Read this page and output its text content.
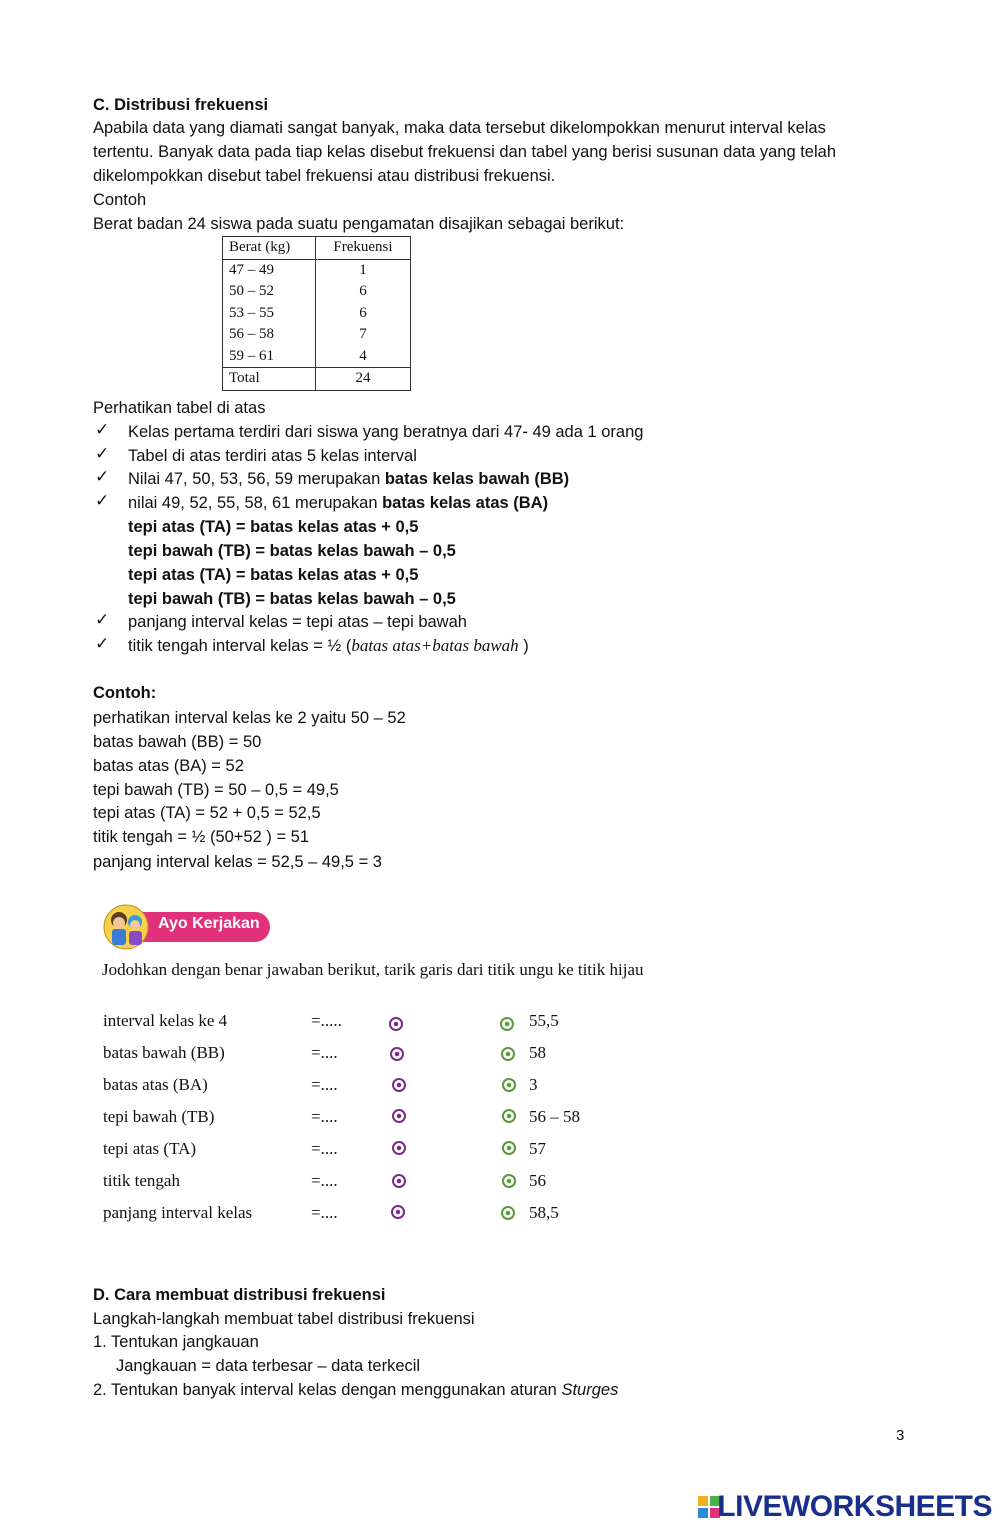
C. Distribusi frekuensi
Apabila data yang diamati sangat banyak, maka data tersebut dikelompokkan menurut interval kelas
tertentu. Banyak data pada tiap kelas disebut frekuensi dan tabel yang berisi susunan data yang telah
dikelompokkan disebut tabel frekuensi atau distribusi frekuensi.
Contoh
Berat badan 24 siswa pada suatu pengamatan disajikan sebagai berikut:
Berat (kg)	Frekuensi
47 – 49	1
50 – 52	6
53 – 55	6
56 – 58	7
59 – 61	4
Total	24
Perhatikan tabel di atas
✓ Kelas pertama terdiri dari siswa yang beratnya dari 47- 49 ada 1 orang
✓ Tabel di atas terdiri atas 5 kelas interval
✓ Nilai 47, 50, 53, 56, 59 merupakan batas kelas bawah (BB)
✓ nilai 49, 52, 55, 58, 61 merupakan batas kelas atas (BA)
tepi atas (TA) = batas kelas atas + 0,5
tepi bawah (TB) = batas kelas bawah – 0,5
tepi atas (TA) = batas kelas atas + 0,5
tepi bawah (TB) = batas kelas bawah – 0,5
✓ panjang interval kelas = tepi atas – tepi bawah
✓ titik tengah interval kelas = ½ (batas atas+batas bawah )
Contoh:
perhatikan interval kelas ke 2 yaitu 50 – 52
batas bawah (BB) = 50
batas atas (BA) = 52
tepi bawah (TB) = 50 – 0,5 = 49,5
tepi atas (TA) = 52 + 0,5 = 52,5
titik tengah = ½ (50+52 ) = 51
panjang interval kelas = 52,5 – 49,5 = 3
Ayo Kerjakan
Jodohkan dengan benar jawaban berikut, tarik garis dari titik ungu ke titik hijau
interval kelas ke 4	=.....	55,5
batas bawah (BB)	=....	58
batas atas (BA)	=....	3
tepi bawah (TB)	=....	56 – 58
tepi atas (TA)	=....	57
titik tengah	=....	56
panjang interval kelas	=....	58,5
D. Cara membuat distribusi frekuensi
Langkah-langkah membuat tabel distribusi frekuensi
1. Tentukan jangkauan
Jangkauan = data terbesar – data terkecil
2. Tentukan banyak interval kelas dengan menggunakan aturan Sturges
3
LIVEWORKSHEETS
